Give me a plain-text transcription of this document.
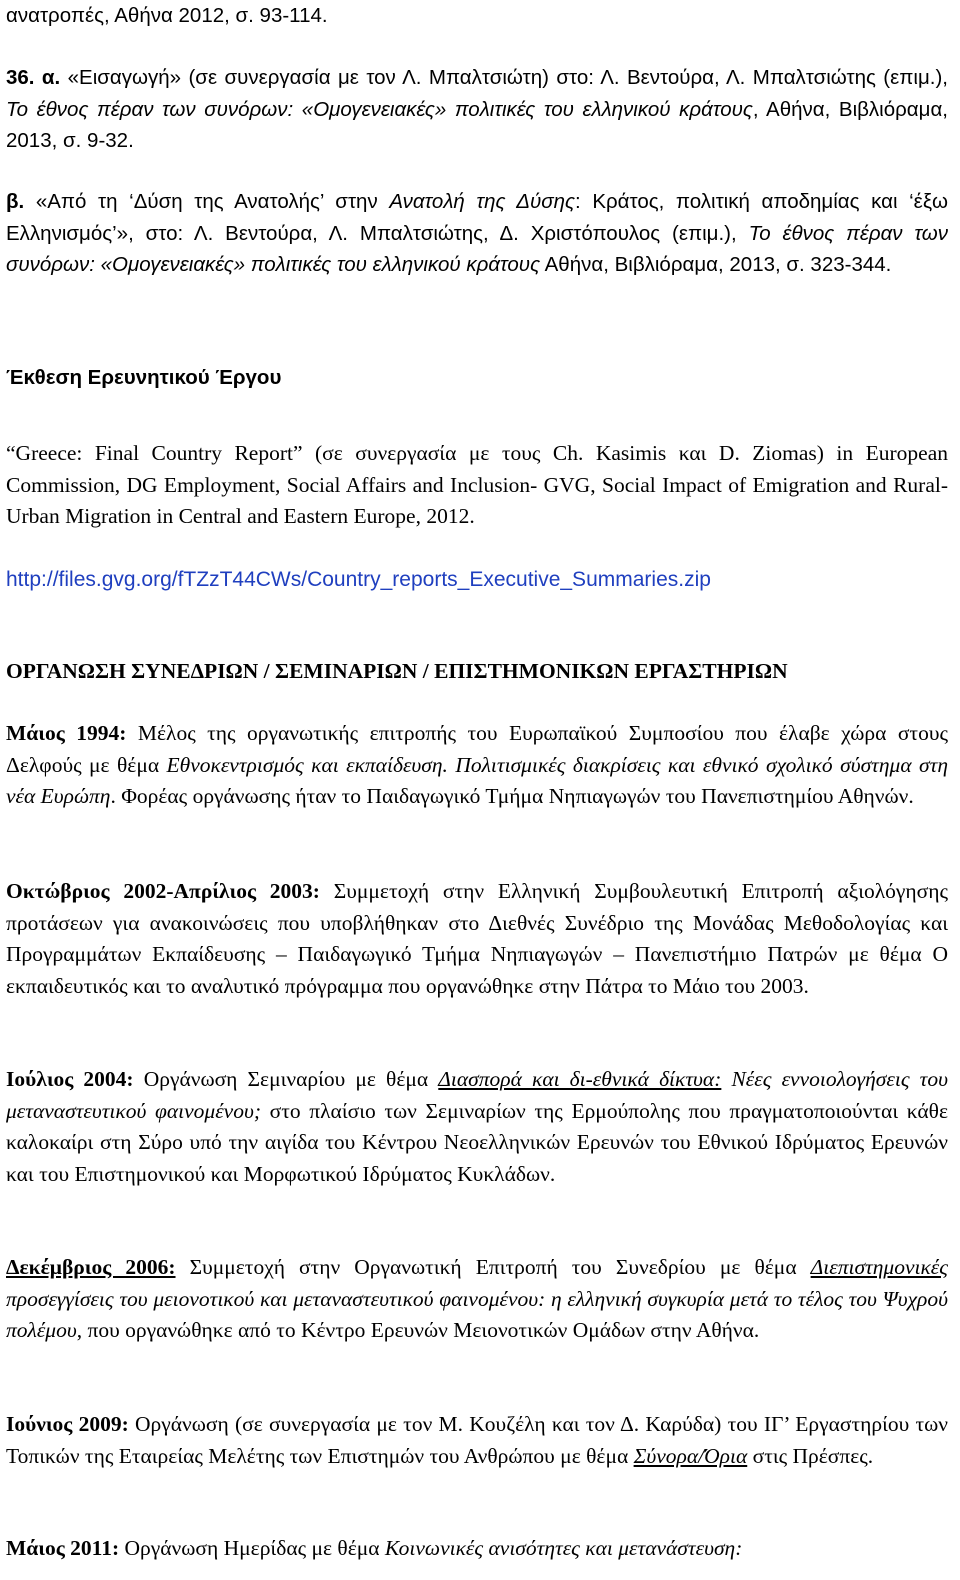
ανατροπές, Αθήνα 2012, σ. 93-114.

36. α. «Εισαγωγή» (σε συνεργασία με τον Λ. Μπαλτσιώτη) στο: Λ. Βεντούρα, Λ. Μπαλτσιώτης (επιμ.), Το έθνος πέραν των συνόρων: «Ομογενειακές» πολιτικές του ελληνικού κράτους, Αθήνα, Βιβλιόραμα, 2013, σ. 9-32.

β. «Από τη ‘Δύση της Ανατολής’ στην Ανατολή της Δύσης: Κράτος, πολιτική αποδημίας και ‘έξω Ελληνισμός’», στο: Λ. Βεντούρα, Λ. Μπαλτσιώτης, Δ. Χριστόπουλος (επιμ.), Το έθνος πέραν των συνόρων: «Ομογενειακές» πολιτικές του ελληνικού κράτους Αθήνα, Βιβλιόραμα, 2013, σ. 323-344.

Έκθεση Ερευνητικού Έργου

“Greece: Final Country Report” (σε συνεργασία με τους Ch. Kasimis και D. Ziomas) in European Commission, DG Employment, Social Affairs and Inclusion- GVG, Social Impact of Emigration and Rural-Urban Migration in Central and Eastern Europe, 2012.

http://files.gvg.org/fTZzT44CWs/Country_reports_Executive_Summaries.zip

ΟΡΓΑΝΩΣΗ ΣΥΝΕΔΡΙΩΝ / ΣΕΜΙΝΑΡΙΩΝ / ΕΠΙΣΤΗΜΟΝΙΚΩΝ ΕΡΓΑΣΤΗΡΙΩΝ

Μάιος 1994: Μέλος της οργανωτικής επιτροπής του Ευρωπαϊκού Συμποσίου που έλαβε χώρα στους Δελφούς με θέμα Εθνοκεντρισμός και εκπαίδευση. Πολιτισμικές διακρίσεις και εθνικό σχολικό σύστημα στη νέα Ευρώπη. Φορέας οργάνωσης ήταν το Παιδαγωγικό Τμήμα Νηπιαγωγών του Πανεπιστημίου Αθηνών.

Οκτώβριος 2002-Απρίλιος 2003: Συμμετοχή στην Ελληνική Συμβουλευτική Επιτροπή αξιολόγησης προτάσεων για ανακοινώσεις που υποβλήθηκαν στο Διεθνές Συνέδριο της Μονάδας Μεθοδολογίας και Προγραμμάτων Εκπαίδευσης – Παιδαγωγικό Τμήμα Νηπιαγωγών – Πανεπιστήμιο Πατρών με θέμα Ο εκπαιδευτικός και το αναλυτικό πρόγραμμα που οργανώθηκε στην Πάτρα το Μάιο του 2003.

Ιούλιος 2004: Οργάνωση Σεμιναρίου με θέμα Διασπορά και δι-εθνικά δίκτυα: Νέες εννοιολογήσεις του μεταναστευτικού φαινομένου; στο πλαίσιο των Σεμιναρίων της Ερμούπολης που πραγματοποιούνται κάθε καλοκαίρι στη Σύρο υπό την αιγίδα του Κέντρου Νεοελληνικών Ερευνών του Εθνικού Ιδρύματος Ερευνών και του Επιστημονικού και Μορφωτικού Ιδρύματος Κυκλάδων.

Δεκέμβριος 2006: Συμμετοχή στην Οργανωτική Επιτροπή του Συνεδρίου με θέμα Διεπιστημονικές προσεγγίσεις του μειονοτικού και μεταναστευτικού φαινομένου: η ελληνική συγκυρία μετά το τέλος του Ψυχρού πολέμου, που οργανώθηκε από το Κέντρο Ερευνών Μειονοτικών Ομάδων στην Αθήνα.

Ιούνιος 2009: Οργάνωση (σε συνεργασία με τον Μ. Κουζέλη και τον Δ. Καρύδα) του ΙΓ’ Εργαστηρίου των Τοπικών της Εταιρείας Μελέτης των Επιστημών του Ανθρώπου με θέμα Σύνορα/Όρια στις Πρέσπες.

Μάιος 2011: Οργάνωση Ημερίδας με θέμα Κοινωνικές ανισότητες και μετανάστευση:
